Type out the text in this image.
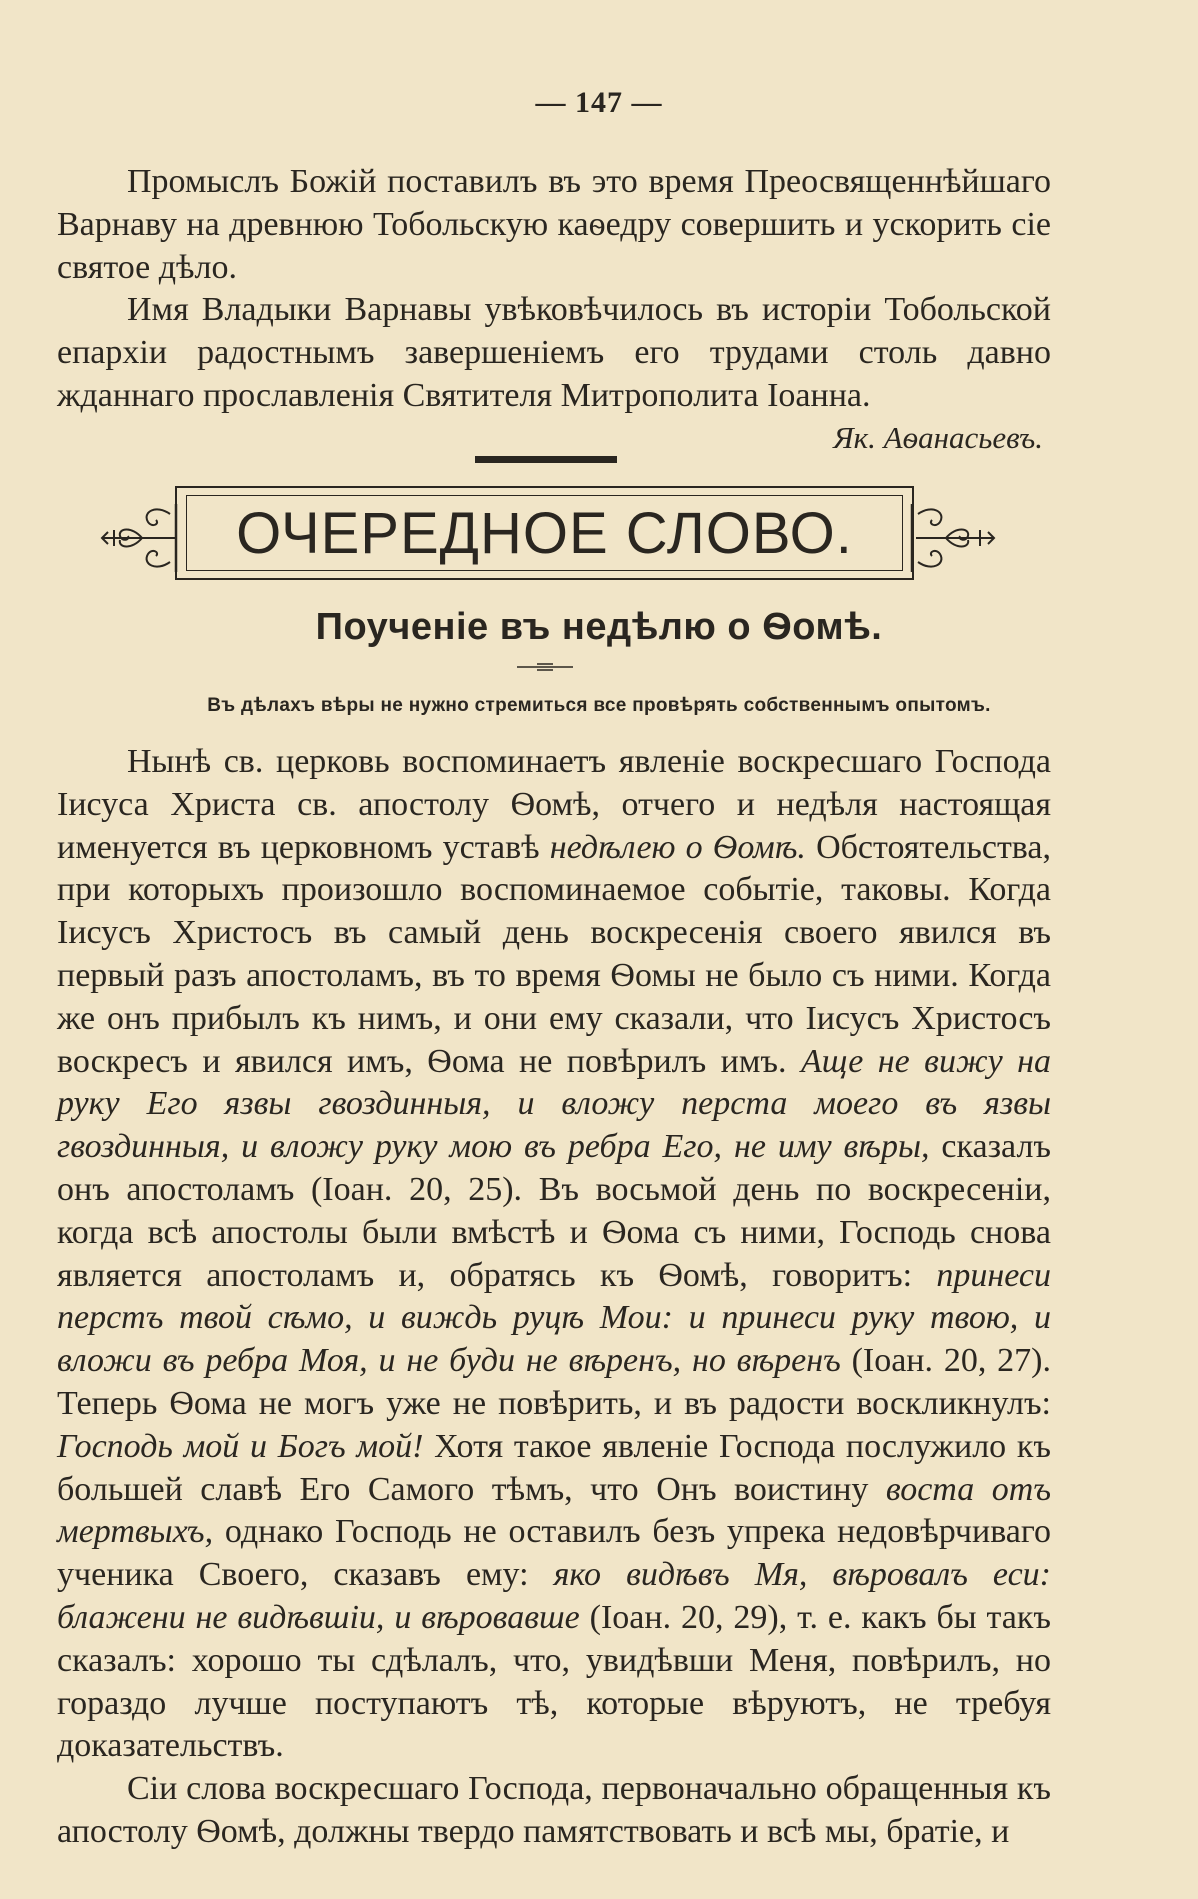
— 147 —

Промыслъ Божій поставилъ въ это время Преосвященнѣйшаго Варнаву на древнюю Тобольскую каѳедру совершить и ускорить сіе святое дѣло.

Имя Владыки Варнавы увѣковѣчилось въ исторіи Тобольской епархіи радостнымъ завершеніемъ его трудами столь давно жданнаго прославленія Святителя Митрополита Іоанна.

Як. Аѳанасьевъ.
ОЧЕРЕДНОЕ СЛОВО.
Поученіе въ недѣлю о Ѳомѣ.
Въ дѣлахъ вѣры не нужно стремиться все провѣрять собственнымъ опытомъ.

Нынѣ св. церковь воспоминаетъ явленіе воскресшаго Господа Іисуса Христа св. апостолу Ѳомѣ, отчего и недѣля настоящая именуется въ церковномъ уставѣ недѣлею о Ѳомѣ. Обстоятельства, при которыхъ произошло воспоминаемое событіе, таковы. Когда Іисусъ Христосъ въ самый день воскресенія своего явился въ первый разъ апостоламъ, въ то время Ѳомы не было съ ними. Когда же онъ прибылъ къ нимъ, и они ему сказали, что Іисусъ Христосъ воскресъ и явился имъ, Ѳома не повѣрилъ имъ. Аще не вижу на руку Его язвы гвоздинныя, и вложу перста моего въ язвы гвоздинныя, и вложу руку мою въ ребра Его, не иму вѣры, сказалъ онъ апостоламъ (Іоан. 20, 25). Въ восьмой день по воскресеніи, когда всѣ апостолы были вмѣстѣ и Ѳома съ ними, Господь снова является апостоламъ и, обратясь къ Ѳомѣ, говоритъ: принеси перстъ твой сѣмо, и виждь руцѣ Мои: и принеси руку твою, и вложи въ ребра Моя, и не буди не вѣренъ, но вѣренъ (Іоан. 20, 27). Теперь Ѳома не могъ уже не повѣрить, и въ радости воскликнулъ: Господь мой и Богъ мой! Хотя такое явленіе Господа послужило къ большей славѣ Его Самого тѣмъ, что Онъ воистину воста отъ мертвыхъ, однако Господь не оставилъ безъ упрека недовѣрчиваго ученика Своего, сказавъ ему: яко видѣвъ Мя, вѣровалъ еси: блажени не видѣвшіи, и вѣровавше (Іоан. 20, 29), т. е. какъ бы такъ сказалъ: хорошо ты сдѣлалъ, что, увидѣвши Меня, повѣрилъ, но гораздо лучше поступаютъ тѣ, которые вѣруютъ, не требуя доказательствъ.

Сіи слова воскресшаго Господа, первоначально обращенныя къ апостолу Ѳомѣ, должны твердо памятствовать и всѣ мы, братіе, и
